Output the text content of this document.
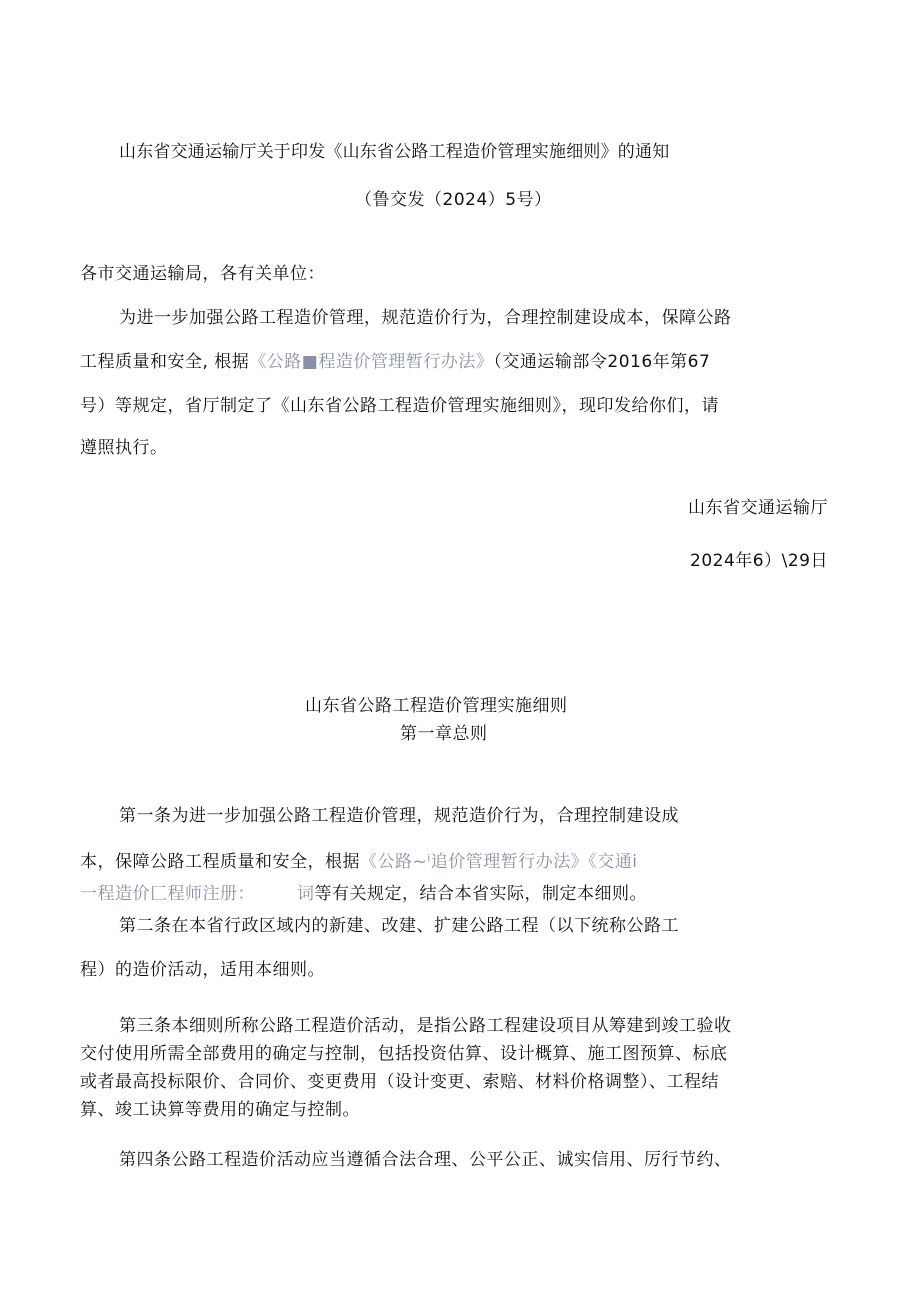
山东省交通运输厅关于印发《山东省公路工程造价管理实施细则》的通知
（鲁交发（2024）5号）
各市交通运输局，各有关单位：
为进一步加强公路工程造价管理，规范造价行为，合理控制建设成本，保障公路
工程质量和安全, 根据《公路■程造价管理暂行办法》（交通运输部令2016年第67
号）等规定，省厅制定了《山东省公路工程造价管理实施细则》，现印发给你们，请
遵照执行。
山东省交通运输厅
2024年6）\29日
山东省公路工程造价管理实施细则
第一章总则
第一条为进一步加强公路工程造价管理，规范造价行为，合理控制建设成
本，保障公路工程质量和安全，根据《公路~ⁱ追价管理暂行办法》《交通i
一程造价匚程师注册： 词等有关规定，结合本省实际，制定本细则。
第二条在本省行政区域内的新建、改建、扩建公路工程（以下统称公路工
程）的造价活动，适用本细则。
第三条本细则所称公路工程造价活动，是指公路工程建设项目从筹建到竣工验收
交付使用所需全部费用的确定与控制，包括投资估算、设计概算、施工图预算、标底
或者最高投标限价、合同价、变更费用（设计变更、索赔、材料价格调整）、工程结
算、竣工诀算等费用的确定与控制。
第四条公路工程造价活动应当遵循合法合理、公平公正、诚实信用、厉行节约、
